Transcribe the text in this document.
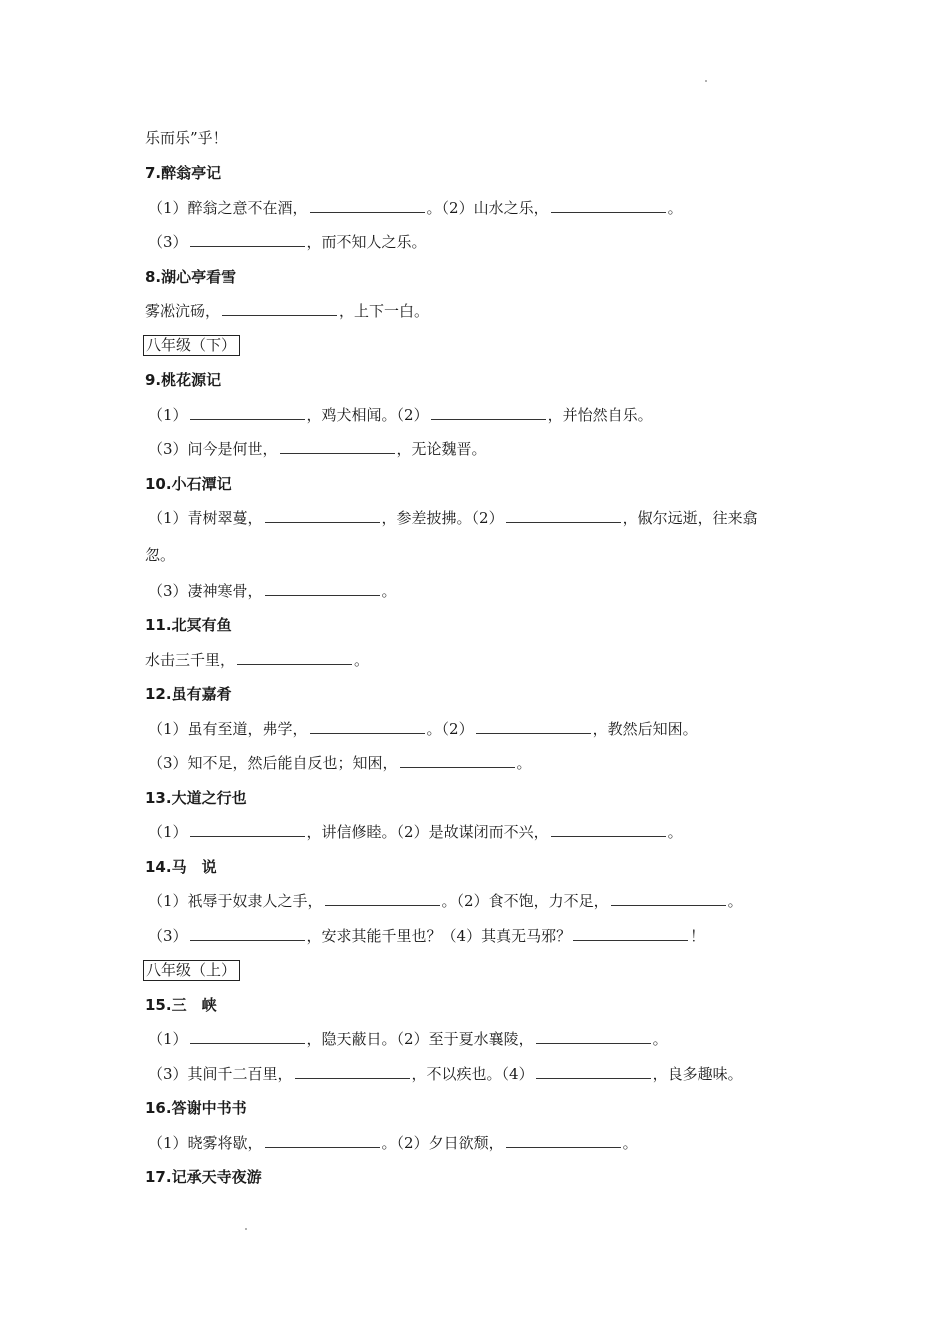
乐而乐”乎！
7.醉翁亭记
（1）醉翁之意不在酒，	。（2）山水之乐，	。
（3）	，而不知人之乐。
8.湖心亭看雪
雾凇沆砀，	，上下一白。
八年级（下）
9.桃花源记
（1）	，鸡犬相闻。（2）	，并怡然自乐。
（3）问今是何世，	，无论魏晋。
10.小石潭记
（1）青树翠蔓，	，参差披拂。（2）	，俶尔远逝，往来翕
忽。
（3）凄神寒骨，	。
11.北冥有鱼
水击三千里，	。
12.虽有嘉肴
（1）虽有至道，弗学，	。（2）	，教然后知困。
（3）知不足，然后能自反也；知困，	。
13.大道之行也
（1）	，讲信修睦。（2）是故谋闭而不兴，	。
14.马　说
（1）祇辱于奴隶人之手，	。（2）食不饱，力不足，	。
（3）	，安求其能千里也？（4）其真无马邪？	！
八年级（上）
15.三　峡
（1）	，隐天蔽日。（2）至于夏水襄陵，	。
（3）其间千二百里，	，不以疾也。（4）	，良多趣味。
16.答谢中书书
（1）晓雾将歇，	。（2）夕日欲颓，	。
17.记承天寺夜游
